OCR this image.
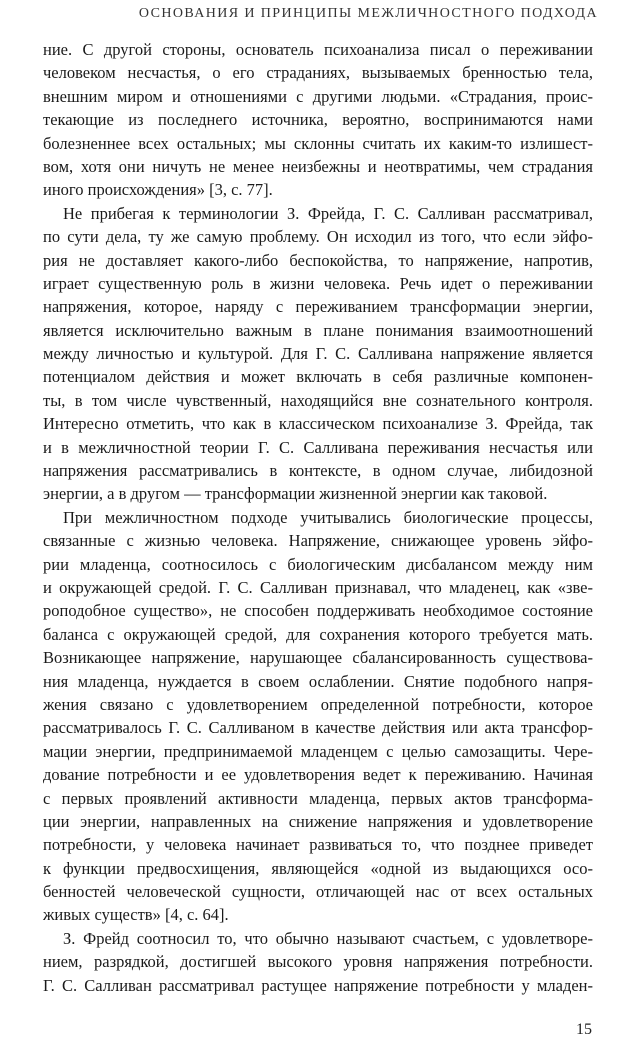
ОСНОВАНИЯ И ПРИНЦИПЫ МЕЖЛИЧНОСТНОГО ПОДХОДА
ние. С другой стороны, основатель психоанализа писал о переживании
человеком несчастья, о его страданиях, вызываемых бренностью тела,
внешним миром и отношениями с другими людьми. «Страдания, проис-
текающие из последнего источника, вероятно, воспринимаются нами
болезненнее всех остальных; мы склонны считать их каким-то излишест-
вом, хотя они ничуть не менее неизбежны и неотвратимы, чем страдания
иного происхождения» [3, с. 77].
Не прибегая к терминологии З. Фрейда, Г. С. Салливан рассматривал,
по сути дела, ту же самую проблему. Он исходил из того, что если эйфо-
рия не доставляет какого-либо беспокойства, то напряжение, напротив,
играет существенную роль в жизни человека. Речь идет о переживании
напряжения, которое, наряду с переживанием трансформации энергии,
является исключительно важным в плане понимания взаимоотношений
между личностью и культурой. Для Г. С. Салливана напряжение является
потенциалом действия и может включать в себя различные компонен-
ты, в том числе чувственный, находящийся вне сознательного контроля.
Интересно отметить, что как в классическом психоанализе З. Фрейда, так
и в межличностной теории Г. С. Салливана переживания несчастья или
напряжения рассматривались в контексте, в одном случае, либидозной
энергии, а в другом — трансформации жизненной энергии как таковой.
При межличностном подходе учитывались биологические процессы,
связанные с жизнью человека. Напряжение, снижающее уровень эйфо-
рии младенца, соотносилось с биологическим дисбалансом между ним
и окружающей средой. Г. С. Салливан признавал, что младенец, как «зве-
роподобное существо», не способен поддерживать необходимое состояние
баланса с окружающей средой, для сохранения которого требуется мать.
Возникающее напряжение, нарушающее сбалансированность существова-
ния младенца, нуждается в своем ослаблении. Снятие подобного напря-
жения связано с удовлетворением определенной потребности, которое
рассматривалось Г. С. Салливаном в качестве действия или акта трансфор-
мации энергии, предпринимаемой младенцем с целью самозащиты. Чере-
дование потребности и ее удовлетворения ведет к переживанию. Начиная
с первых проявлений активности младенца, первых актов трансформа-
ции энергии, направленных на снижение напряжения и удовлетворение
потребности, у человека начинает развиваться то, что позднее приведет
к функции предвосхищения, являющейся «одной из выдающихся осо-
бенностей человеческой сущности, отличающей нас от всех остальных
живых существ» [4, с. 64].
З. Фрейд соотносил то, что обычно называют счастьем, с удовлетворе-
нием, разрядкой, достигшей высокого уровня напряжения потребности.
Г. С. Салливан рассматривал растущее напряжение потребности у младен-
15
